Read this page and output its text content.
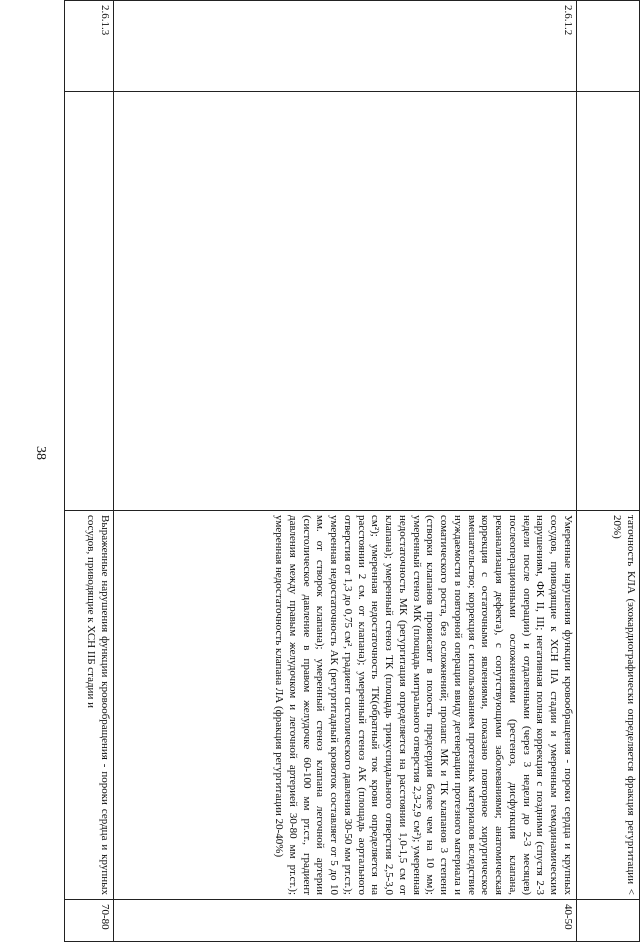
38
		таточность КЛА (эхокардиографически определяется фракция регургитации < 20%)	
2.6.1.2		Умеренные нарушения функции кровообращения - пороки сердца и крупных сосудов, приводящие к ХСН IIА стадии и умеренным гемодинамическим нарушениям, ФК II, III; негативная полная коррекция с поздними (спустя 2-3 недели после операции) и отдаленными (через 3 недели до 2-3 месяцев) послеоперационными осложнениями (рестеноз, дисфункция клапана, реканализация дефекта), с сопутствующими заболеваниями; анатомическая коррекция с остаточными явлениями, показано повторное хирургическое вмешательство; коррекция с использованием протезных материалов вследствие нуждаемости в повторной операции ввиду дегенерации протезного материала и соматического роста, без осложнений; пролапс МК и ТК клапанов 3 степени (створки клапанов провисают в полость предсердия более чем на 10 мм); умеренный стеноз МК (площадь митрального отверстия 2,3-2,9 см²); умеренная недостаточность МК (регургитация определяется на расстоянии 1,0-1,5 см от клапана); умеренный стеноз ТК (площадь трикуспидального отверстия 2,5-3,0 см²); умеренная недостаточность ТК(обратный ток крови определяется на расстоянии 2 см. от клапана); умеренный стеноз АК (площадь аортального отверстия от 1,3 до 0,75 см², градиент систолического давления 30-50 мм рт.ст.); умеренная недостаточность АК (регургитадный кровоток составляет от 5 до 10 мм. от створок клапана); умеренный стеноз клапана легочной артерии (систолическое давление в правом желудочке 60-100 мм рт.ст., градиент давления между правым желудочком и легочной артерией 30-80 мм рт.ст.); умеренная недостаточность клапана ЛА (фракция регургитации 20-40%)	40-50
2.6.1.3		Выраженные нарушения функции кровообращения - пороки сердца и крупных сосудов, приводящие к ХСН IIБ стадии и	70-80
